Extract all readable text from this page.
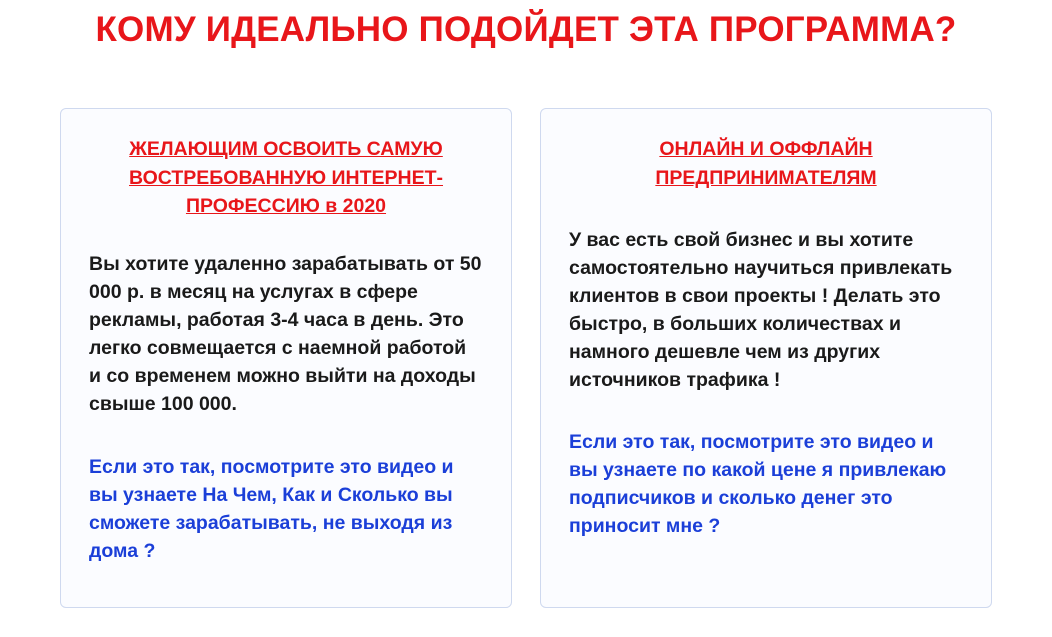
КОМУ ИДЕАЛЬНО ПОДОЙДЕТ ЭТА ПРОГРАММА?
ЖЕЛАЮЩИМ ОСВОИТЬ САМУЮ ВОСТРЕБОВАННУЮ ИНТЕРНЕТ-ПРОФЕССИЮ в 2020

Вы хотите удаленно зарабатывать от 50 000 р. в месяц на услугах в сфере рекламы, работая 3-4 часа в день. Это легко совмещается с наемной работой и со временем можно выйти на доходы свыше 100 000.

Если это так, посмотрите это видео и вы узнаете На Чем, Как и Сколько вы сможете зарабатывать, не выходя из дома ?

ОНЛАЙН И ОФФЛАЙН ПРЕДПРИНИМАТЕЛЯМ

У вас есть свой бизнес и вы хотите самостоятельно научиться привлекать клиентов в свои проекты ! Делать это быстро, в больших количествах и намного дешевле чем из других источников трафика !

Если это так, посмотрите это видео и вы узнаете по какой цене я привлекаю подписчиков и сколько денег это приносит мне ?
